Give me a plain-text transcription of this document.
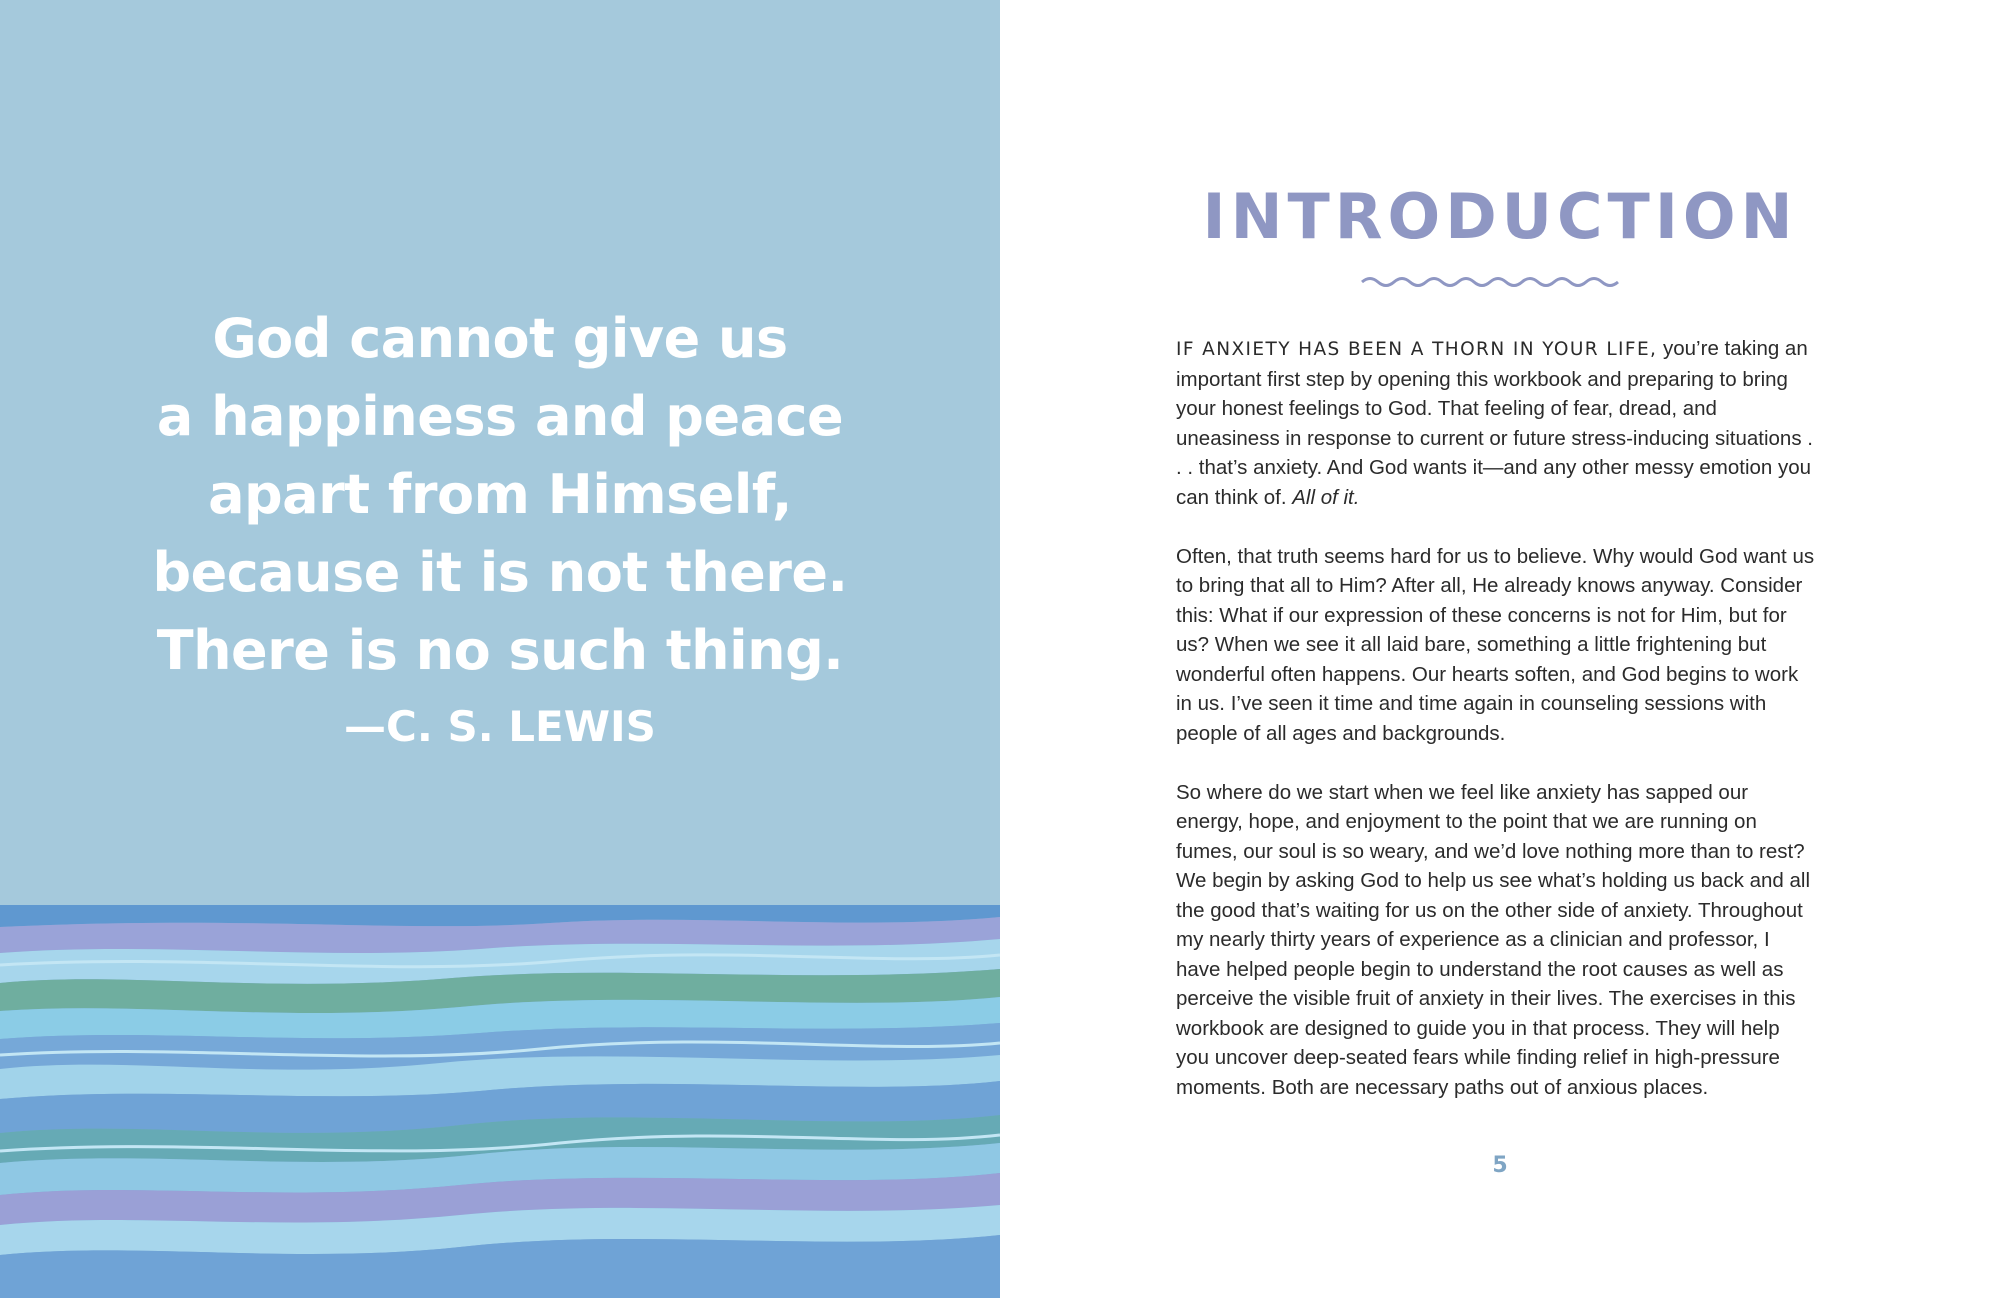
God cannot give us
a happiness and peace
apart from Himself,
because it is not there.
There is no such thing.
—C. S. LEWIS
INTRODUCTION

IF ANXIETY HAS BEEN A THORN IN YOUR LIFE, you’re taking an important first step by opening this workbook and preparing to bring your honest feelings to God. That feeling of fear, dread, and uneasiness in response to current or future stress-inducing situations . . . that’s anxiety. And God wants it—and any other messy emotion you can think of. All of it.

Often, that truth seems hard for us to believe. Why would God want us to bring that all to Him? After all, He already knows anyway. Consider this: What if our expression of these concerns is not for Him, but for us? When we see it all laid bare, something a little frightening but wonderful often happens. Our hearts soften, and God begins to work in us. I’ve seen it time and time again in counseling sessions with people of all ages and backgrounds.

So where do we start when we feel like anxiety has sapped our energy, hope, and enjoyment to the point that we are running on fumes, our soul is so weary, and we’d love nothing more than to rest? We begin by asking God to help us see what’s holding us back and all the good that’s waiting for us on the other side of anxiety. Throughout my nearly thirty years of experience as a clinician and professor, I have helped people begin to understand the root causes as well as perceive the visible fruit of anxiety in their lives. The exercises in this workbook are designed to guide you in that process. They will help you uncover deep-seated fears while finding relief in high-pressure moments. Both are necessary paths out of anxious places.

5
